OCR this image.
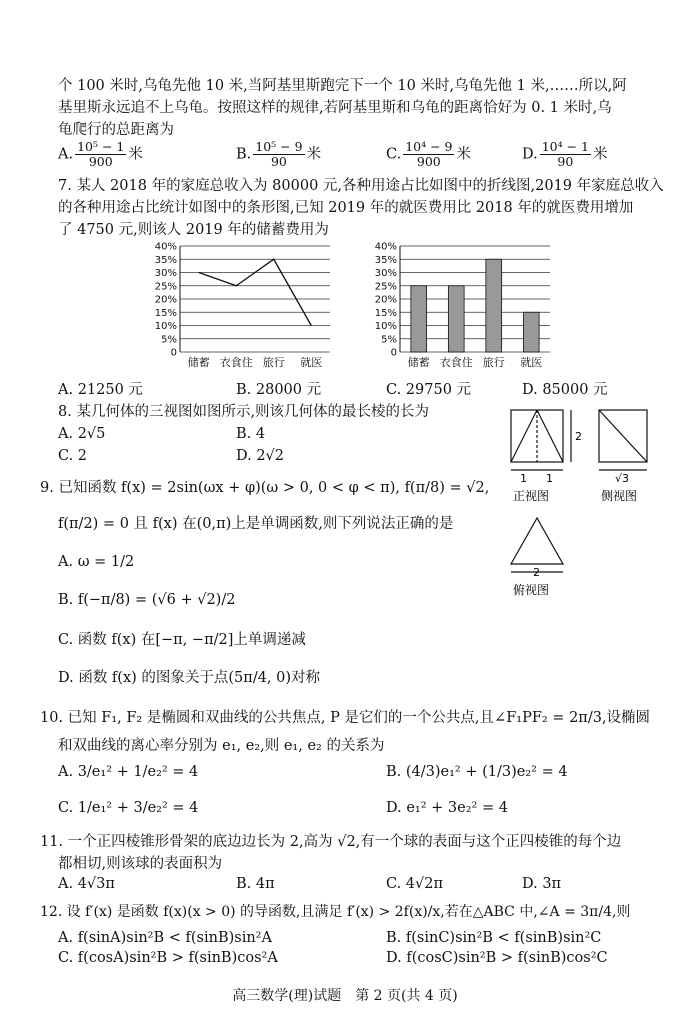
个 100 米时,乌龟先他 10 米,当阿基里斯跑完下一个 10 米时,乌龟先他 1 米,……所以,阿
基里斯永远追不上乌龟。按照这样的规律,若阿基里斯和乌龟的距离恰好为 0. 1 米时,乌
龟爬行的总距离为
A. $\frac{\text{10⁵ − 1}}{900}$ 米	B. $\frac{\text{10⁵ − 9}}{90}$ 米	C. $\frac{\text{10⁴ − 9}}{900}$ 米	D. $\frac{\text{10⁴ − 1}}{90}$ 米
7. 某人 2018 年的家庭总收入为 80000 元,各种用途占比如图中的折线图,2019 年家庭总收入
的各种用途占比统计如图中的条形图,已知 2019 年的就医费用比 2018 年的就医费用增加
了 4750 元,则该人 2019 年的储蓄费用为
0
5%
10%
15%
20%
25%
30%
35%
40%
储蓄 衣食住 旅行 就医
0
5%
10%
15%
20%
25%
30%
35%
40%
储蓄 衣食住 旅行 就医
A. 21250 元	B. 28000 元	C. 29750 元	D. 85000 元
8. 某几何体的三视图如图所示,则该几何体的最长棱的长为
A. 2√5	B. 4
C. 2	D. 2√2
2
1 1
正视图
√3
侧视图
2
俯视图
9. 已知函数 f(x) = 2sin(ωx + φ)(ω > 0, 0 < φ < π), f(π/8) = √2,
f(π/2) = 0 且 f(x) 在(0,π)上是单调函数,则下列说法正确的是
A. ω = 1/2
B. f(−π/8) = (√6 + √2)/2
C. 函数 f(x) 在[−π, −π/2]上单调递减
D. 函数 f(x) 的图象关于点(5π/4, 0)对称
10. 已知 F₁, F₂ 是椭圆和双曲线的公共焦点, P 是它们的一个公共点,且∠F₁PF₂ = 2π/3,设椭圆
和双曲线的离心率分别为 e₁, e₂,则 e₁, e₂ 的关系为
A. 3/e₁² + 1/e₂² = 4	B. (4/3)e₁² + (1/3)e₂² = 4
C. 1/e₁² + 3/e₂² = 4	D. e₁² + 3e₂² = 4
11. 一个正四棱锥形骨架的底边边长为 2,高为 √2,有一个球的表面与这个正四棱锥的每个边
都相切,则该球的表面积为
A. 4√3π	B. 4π	C. 4√2π	D. 3π
12. 设 f′(x) 是函数 f(x)(x > 0) 的导函数,且满足 f′(x) > 2f(x)/x,若在△ABC 中,∠A = 3π/4,则
A. f(sinA)sin²B < f(sinB)sin²A	B. f(sinC)sin²B < f(sinB)sin²C
C. f(cosA)sin²B > f(sinB)cos²A	D. f(cosC)sin²B > f(sinB)cos²C
高三数学(理)试题　第 2 页(共 4 页)
